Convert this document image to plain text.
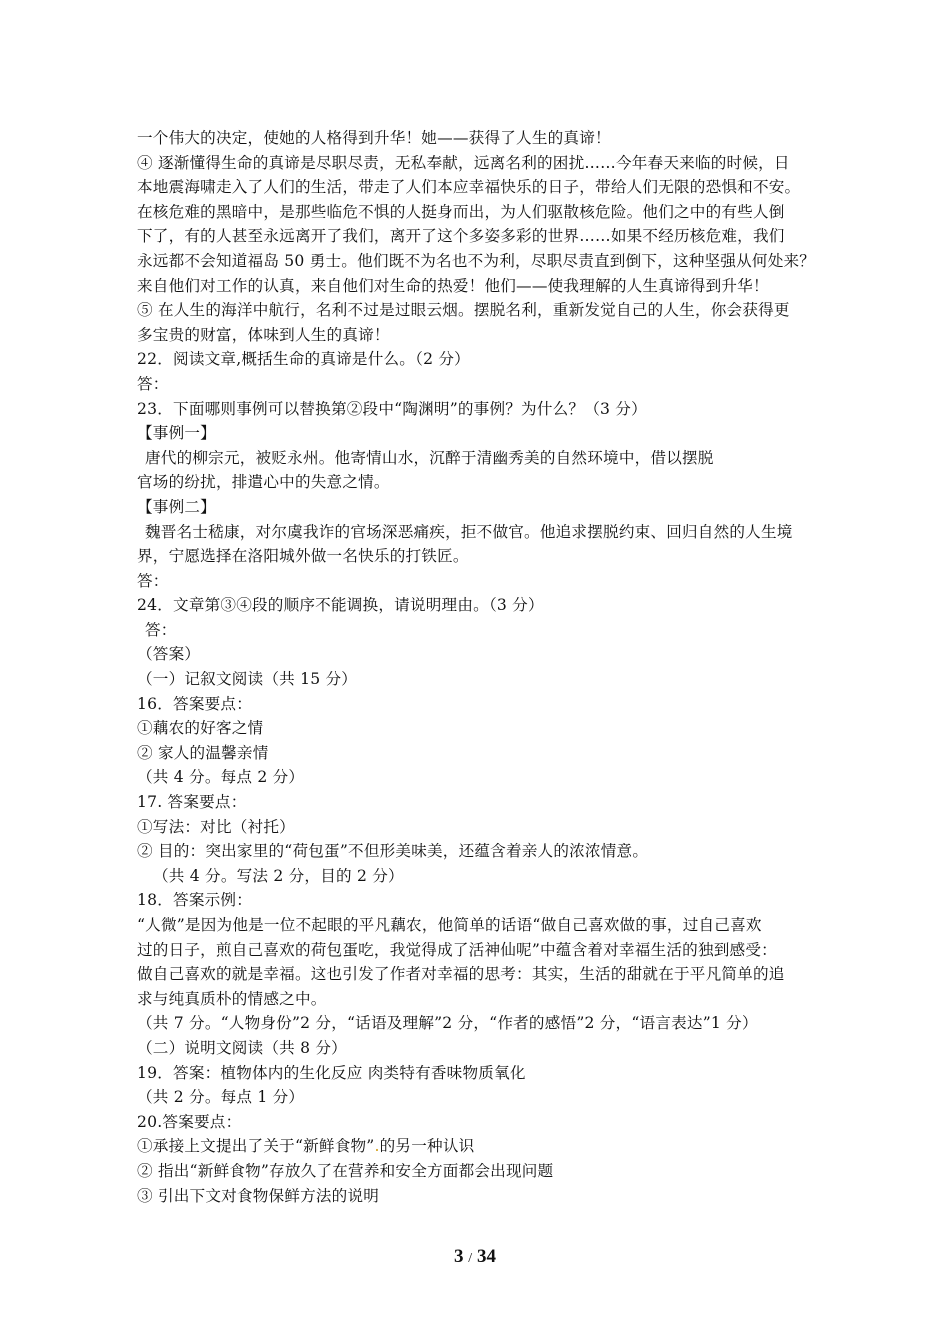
一个伟大的决定，使她的人格得到升华！她——获得了人生的真谛！
④ 逐渐懂得生命的真谛是尽职尽责，无私奉献，远离名利的困扰……今年春天来临的时候，日
本地震海啸走入了人们的生活，带走了人们本应幸福快乐的日子，带给人们无限的恐惧和不安。
在核危难的黑暗中，是那些临危不惧的人挺身而出，为人们驱散核危险。他们之中的有些人倒
下了，有的人甚至永远离开了我们，离开了这个多姿多彩的世界……如果不经历核危难，我们
永远都不会知道福岛 50 勇士。他们既不为名也不为利，尽职尽责直到倒下，这种坚强从何处来？
来自他们对工作的认真，来自他们对生命的热爱！他们——使我理解的人生真谛得到升华！
⑤ 在人生的海洋中航行，名利不过是过眼云烟。摆脱名利，重新发觉自己的人生，你会获得更
多宝贵的财富，体味到人生的真谛！
22．阅读文章,概括生命的真谛是什么。（2 分）
答：
23．下面哪则事例可以替换第②段中“陶渊明”的事例？为什么？（3 分）
【事例一】
唐代的柳宗元，被贬永州。他寄情山水，沉醉于清幽秀美的自然环境中，借以摆脱
官场的纷扰，排遣心中的失意之情。
【事例二】
魏晋名士嵇康，对尔虞我诈的官场深恶痛疾，拒不做官。他追求摆脱约束、回归自然的人生境
界，宁愿选择在洛阳城外做一名快乐的打铁匠。
答：
24．文章第③④段的顺序不能调换，请说明理由。（3 分）
答：
（答案）
（一）记叙文阅读（共 15 分）
16．答案要点：
①藕农的好客之情
② 家人的温馨亲情
（共 4 分。每点 2 分）
17. 答案要点：
①写法：对比（衬托）
② 目的：突出家里的“荷包蛋”不但形美味美，还蕴含着亲人的浓浓情意。
（共 4 分。写法 2 分，目的 2 分）
18．答案示例：
“人微”是因为他是一位不起眼的平凡藕农，他简单的话语“做自己喜欢做的事，过自己喜欢
过的日子，煎自己喜欢的荷包蛋吃，我觉得成了活神仙呢”中蕴含着对幸福生活的独到感受：
做自己喜欢的就是幸福。这也引发了作者对幸福的思考：其实，生活的甜就在于平凡简单的追
求与纯真质朴的情感之中。
（共 7 分。“人物身份”2 分，“话语及理解”2 分，“作者的感悟”2 分，“语言表达”1 分）
（二）说明文阅读（共 8 分）
19．答案：植物体内的生化反应 肉类特有香味物质氧化
（共 2 分。每点 1 分）
20.答案要点：
①承接上文提出了关于“新鲜食物”.的另一种认识
② 指出“新鲜食物”存放久了在营养和安全方面都会出现问题
③ 引出下文对食物保鲜方法的说明
3 / 34
